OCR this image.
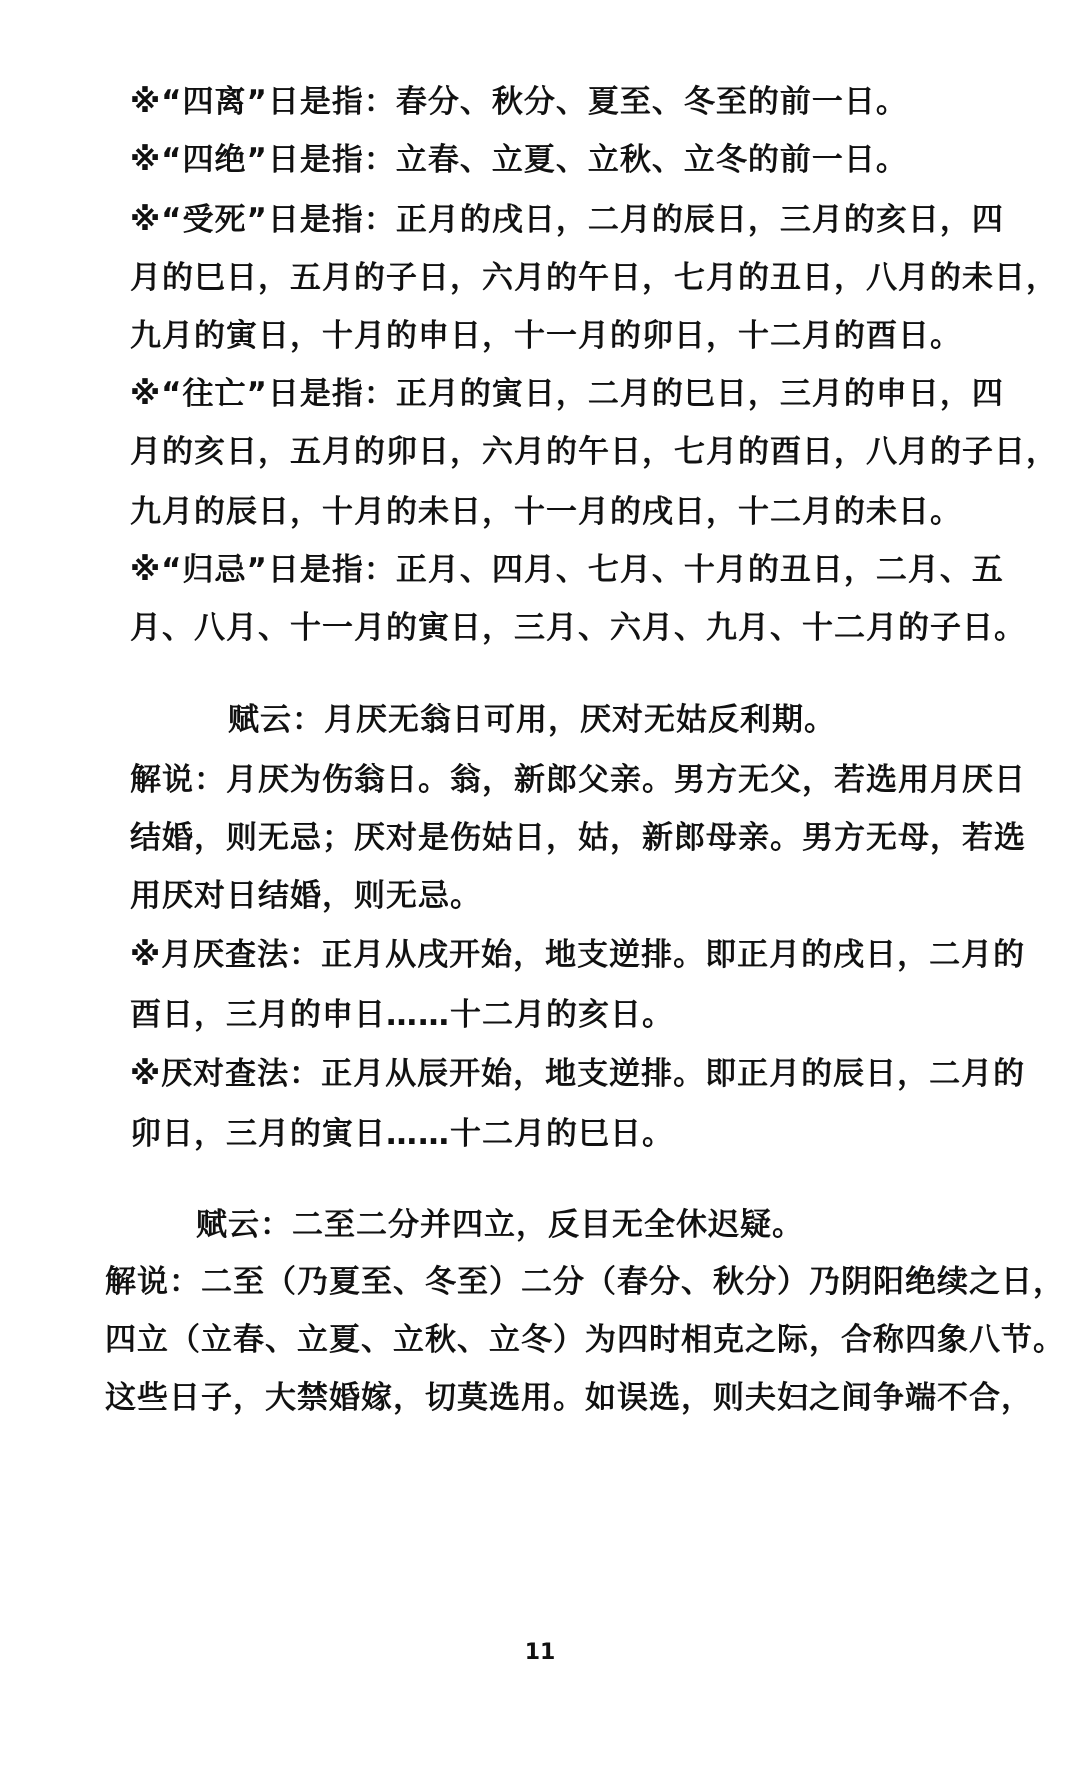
※“四离”日是指：春分、秋分、夏至、冬至的前一日。
※“四绝”日是指：立春、立夏、立秋、立冬的前一日。
※“受死”日是指：正月的戌日，二月的辰日，三月的亥日，四
月的巳日，五月的子日，六月的午日，七月的丑日，八月的未日，
九月的寅日，十月的申日，十一月的卯日，十二月的酉日。
※“往亡”日是指：正月的寅日，二月的巳日，三月的申日，四
月的亥日，五月的卯日，六月的午日，七月的酉日，八月的子日，
九月的辰日，十月的未日，十一月的戌日，十二月的未日。
※“归忌”日是指：正月、四月、七月、十月的丑日，二月、五
月、八月、十一月的寅日，三月、六月、九月、十二月的子日。
赋云：月厌无翁日可用，厌对无姑反利期。
解说：月厌为伤翁日。翁，新郎父亲。男方无父，若选用月厌日
结婚，则无忌；厌对是伤姑日，姑，新郎母亲。男方无母，若选
用厌对日结婚，则无忌。
※月厌查法：正月从戌开始，地支逆排。即正月的戌日，二月的
酉日，三月的申日……十二月的亥日。
※厌对查法：正月从辰开始，地支逆排。即正月的辰日，二月的
卯日，三月的寅日……十二月的巳日。
赋云：二至二分并四立，反目无全休迟疑。
解说：二至（乃夏至、冬至）二分（春分、秋分）乃阴阳绝续之日，
四立（立春、立夏、立秋、立冬）为四时相克之际，合称四象八节。
这些日子，大禁婚嫁，切莫选用。如误选，则夫妇之间争端不合，
11
